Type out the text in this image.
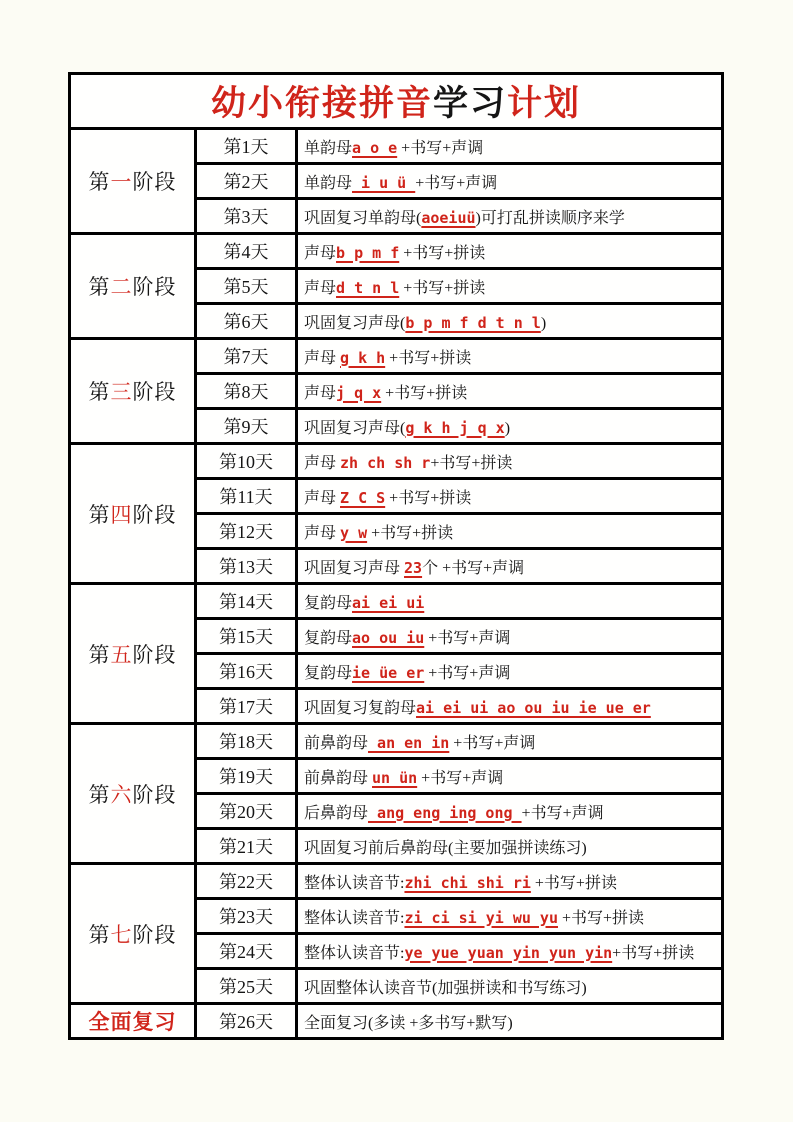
幼小衔接拼音学习计划		
第一阶段	第1天	单韵母a o e +书写+声调
	第2天	单韵母 i u ü +书写+声调
	第3天	巩固复习单韵母(aoeiuü)可打乱拼读顺序来学
第二阶段	第4天	声母b p m f +书写+拼读
	第5天	声母d t n l +书写+拼读
	第6天	巩固复习声母(b p m f d t n l)
第三阶段	第7天	声母 g k h +书写+拼读
	第8天	声母j q x +书写+拼读
	第9天	巩固复习声母(g k h j q x)
第四阶段	第10天	声母 zh ch sh r+书写+拼读
	第11天	声母 Z C S +书写+拼读
	第12天	声母 y w +书写+拼读
	第13天	巩固复习声母 23个 +书写+声调
第五阶段	第14天	复韵母ai ei ui
	第15天	复韵母ao ou iu +书写+声调
	第16天	复韵母ie üe er +书写+声调
	第17天	巩固复习复韵母ai ei ui ao ou iu ie ue er
第六阶段	第18天	前鼻韵母 an en in +书写+声调
	第19天	前鼻韵母 un ün +书写+声调
	第20天	后鼻韵母 ang eng ing ong +书写+声调
	第21天	巩固复习前后鼻韵母(主要加强拼读练习)
第七阶段	第22天	整体认读音节:zhi chi shi ri +书写+拼读
	第23天	整体认读音节:zi ci si yi wu yu +书写+拼读
	第24天	整体认读音节:ye yue yuan yin yun yin+书写+拼读
	第25天	巩固整体认读音节(加强拼读和书写练习)
全面复习	第26天	全面复习(多读 +多书写+默写)
